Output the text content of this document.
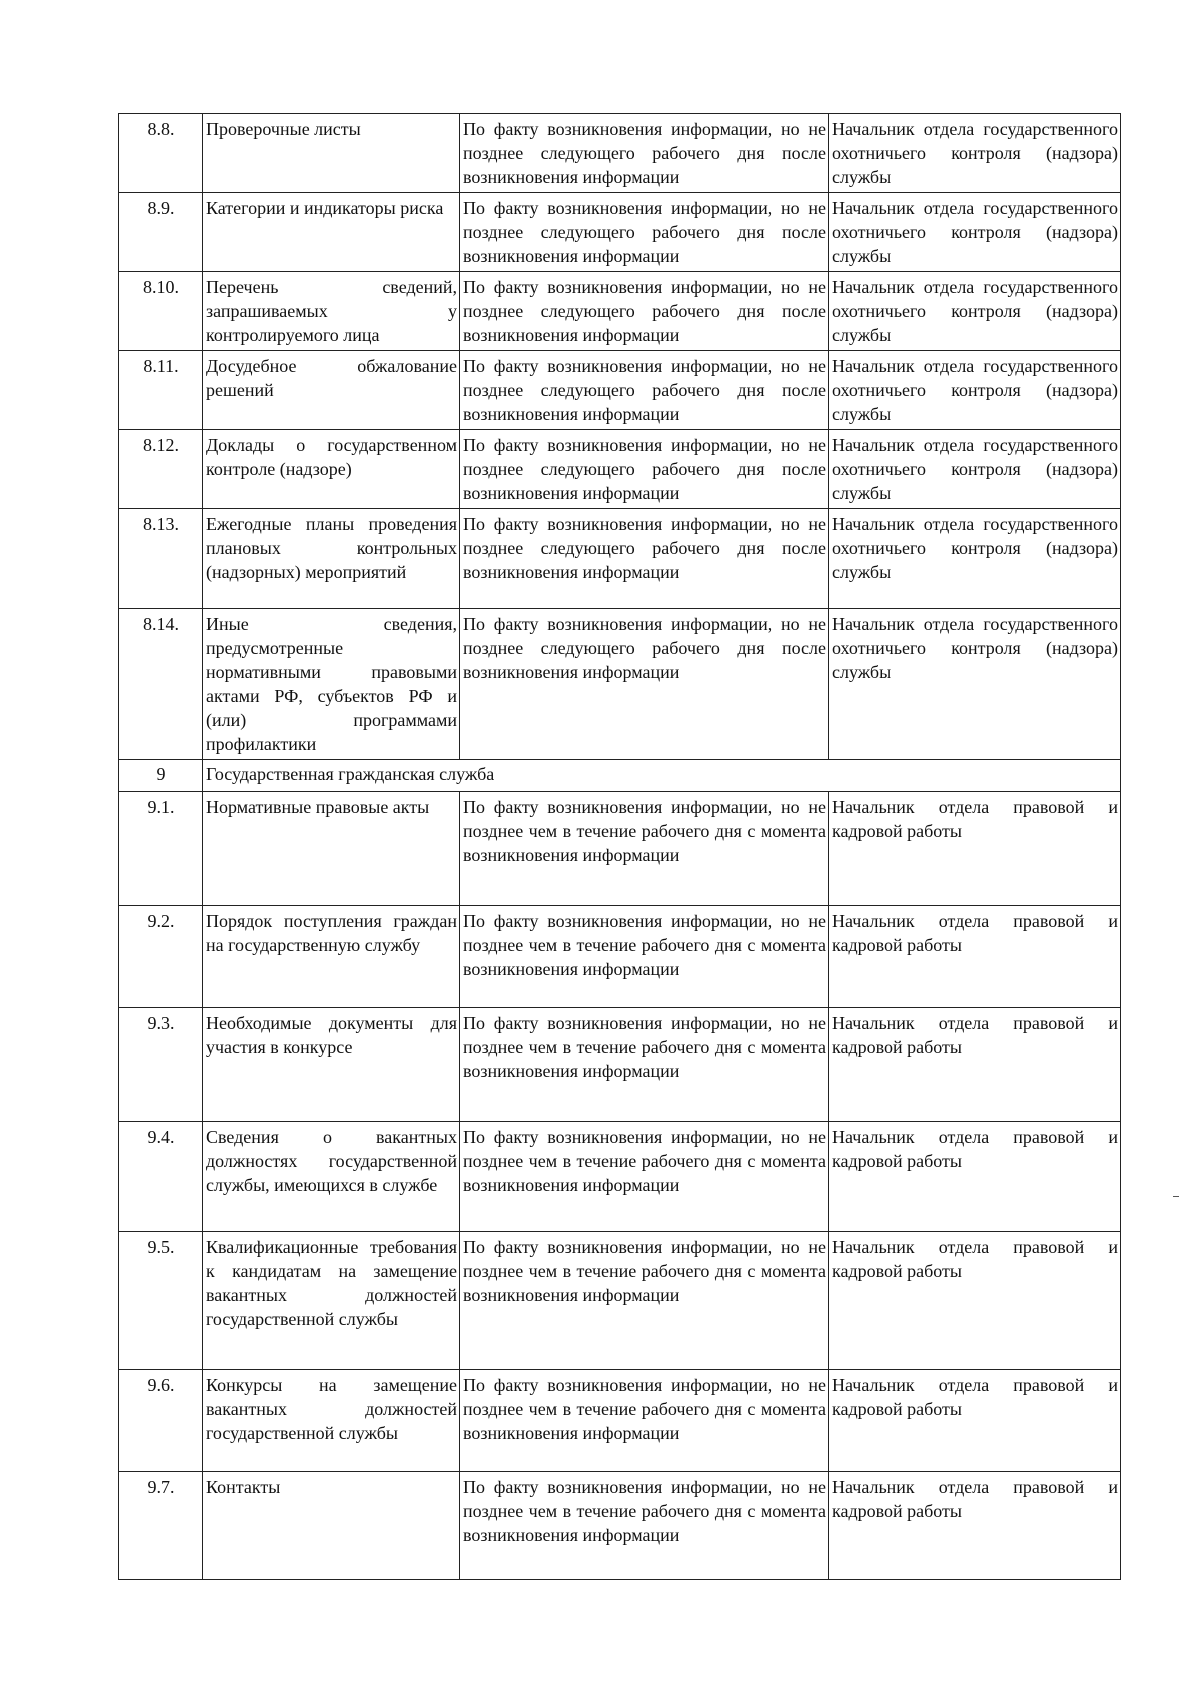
8.8.	Проверочные листы	По факту возникновения информации, но не позднее следующего рабочего дня после возникновения информации	Начальник отдела государственного охотничьего контроля (надзора) службы
8.9.	Категории и индикаторы риска	По факту возникновения информации, но не позднее следующего рабочего дня после возникновения информации	Начальник отдела государственного охотничьего контроля (надзора) службы
8.10.	Перечень сведений, запрашиваемых у контролируемого лица	По факту возникновения информации, но не позднее следующего рабочего дня после возникновения информации	Начальник отдела государственного охотничьего контроля (надзора) службы
8.11.	Досудебное обжалование решений	По факту возникновения информации, но не позднее следующего рабочего дня после возникновения информации	Начальник отдела государственного охотничьего контроля (надзора) службы
8.12.	Доклады о государственном контроле (надзоре)	По факту возникновения информации, но не позднее следующего рабочего дня после возникновения информации	Начальник отдела государственного охотничьего контроля (надзора) службы
8.13.	Ежегодные планы проведения плановых контрольных (надзорных) мероприятий	По факту возникновения информации, но не позднее следующего рабочего дня после возникновения информации	Начальник отдела государственного охотничьего контроля (надзора) службы
8.14.	Иные сведения, предусмотренные нормативными правовыми актами РФ, субъектов РФ и (или) программами профилактики	По факту возникновения информации, но не позднее следующего рабочего дня после возникновения информации	Начальник отдела государственного охотничьего контроля (надзора) службы
9	Государственная гражданская служба		
9.1.	Нормативные правовые акты	По факту возникновения информации, но не позднее чем в течение рабочего дня с момента возникновения информации	Начальник отдела правовой и кадровой работы
9.2.	Порядок поступления граждан на государственную службу	По факту возникновения информации, но не позднее чем в течение рабочего дня с момента возникновения информации	Начальник отдела правовой и кадровой работы
9.3.	Необходимые документы для участия в конкурсе	По факту возникновения информации, но не позднее чем в течение рабочего дня с момента возникновения информации	Начальник отдела правовой и кадровой работы
9.4.	Сведения о вакантных должностях государственной службы, имеющихся в службе	По факту возникновения информации, но не позднее чем в течение рабочего дня с момента возникновения информации	Начальник отдела правовой и кадровой работы
9.5.	Квалификационные требования к кандидатам на замещение вакантных должностей государственной службы	По факту возникновения информации, но не позднее чем в течение рабочего дня с момента возникновения информации	Начальник отдела правовой и кадровой работы
9.6.	Конкурсы на замещение вакантных должностей государственной службы	По факту возникновения информации, но не позднее чем в течение рабочего дня с момента возникновения информации	Начальник отдела правовой и кадровой работы
9.7.	Контакты	По факту возникновения информации, но не позднее чем в течение рабочего дня с момента возникновения информации	Начальник отдела правовой и кадровой работы
